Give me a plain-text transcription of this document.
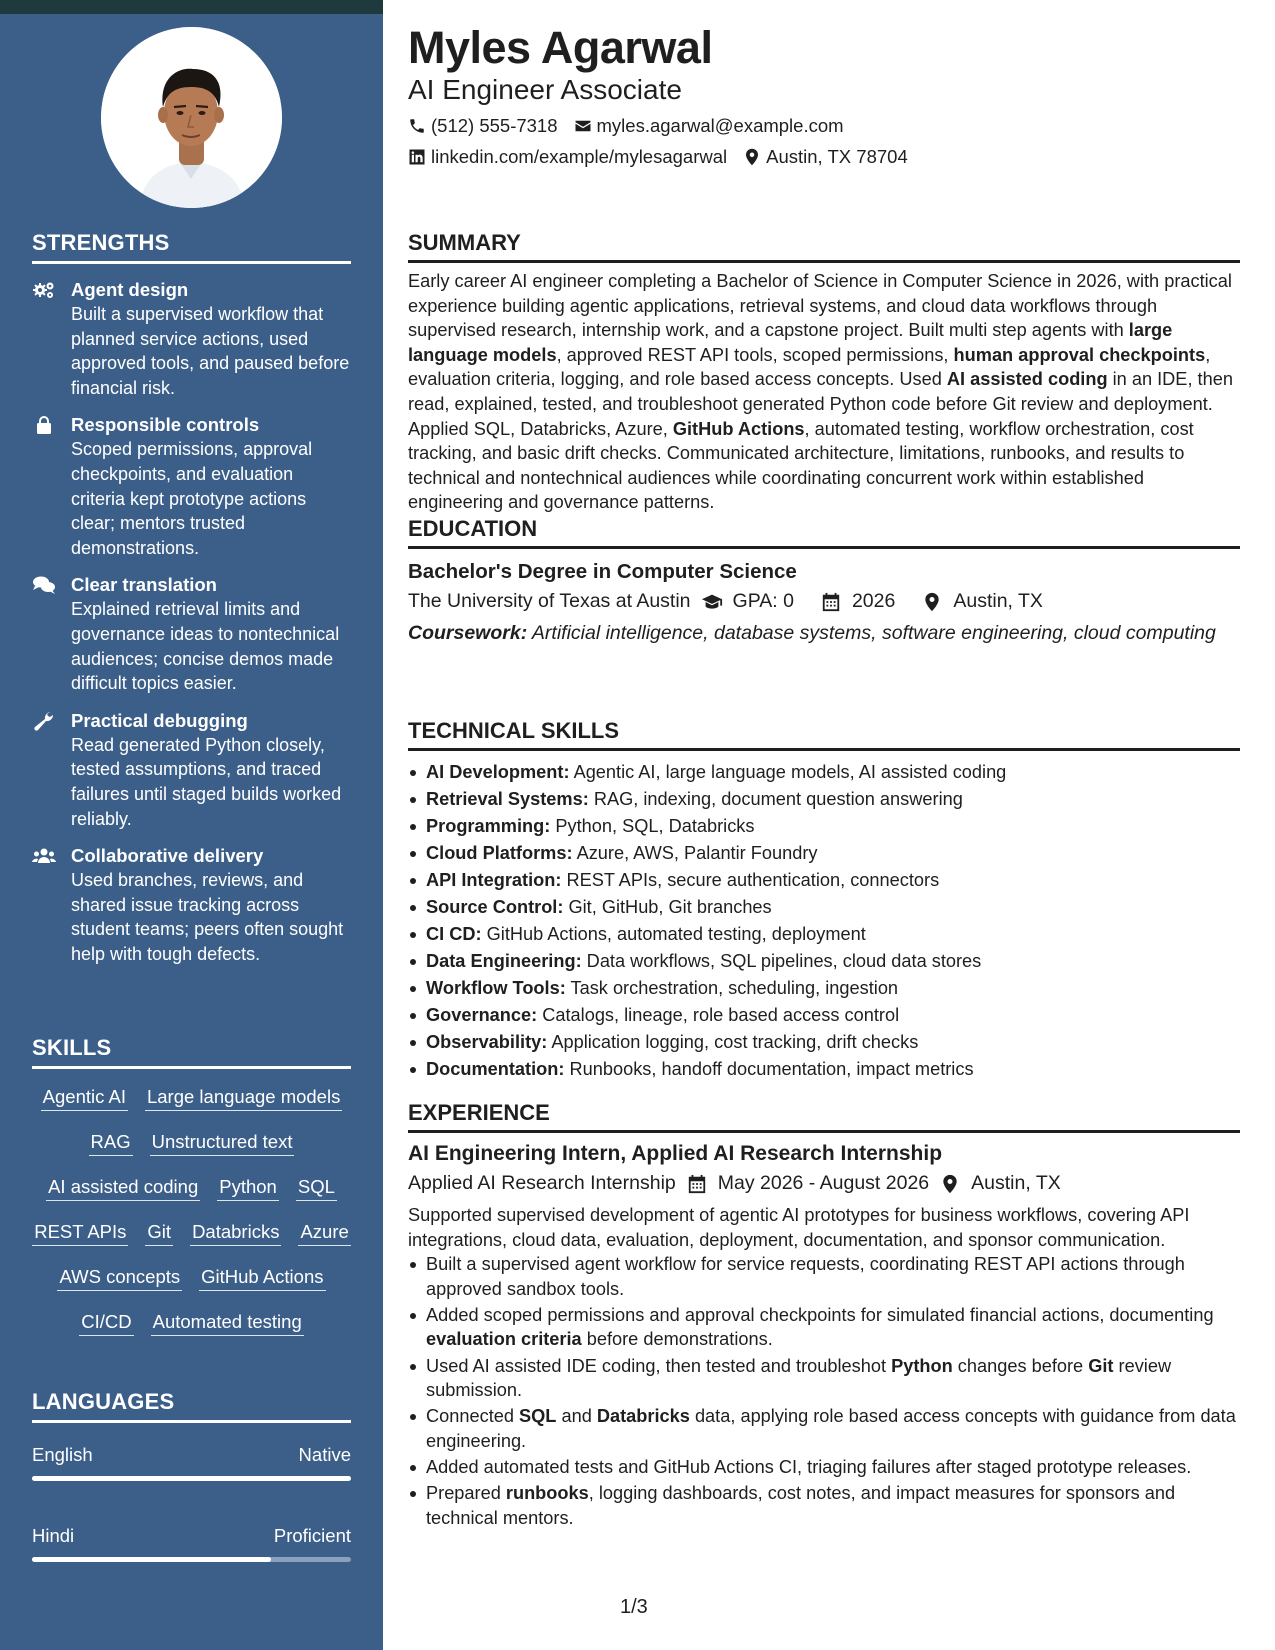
STRENGTHS
Agent design
Built a supervised workflow that planned service actions, used approved tools, and paused before financial risk.
Responsible controls
Scoped permissions, approval checkpoints, and evaluation criteria kept prototype actions clear; mentors trusted demonstrations.
Clear translation
Explained retrieval limits and governance ideas to nontechnical audiences; concise demos made difficult topics easier.
Practical debugging
Read generated Python closely, tested assumptions, and traced failures until staged builds worked reliably.
Collaborative delivery
Used branches, reviews, and shared issue tracking across student teams; peers often sought help with tough defects.
SKILLS
Agentic AI Large language models
RAG Unstructured text
AI assisted coding Python SQL
REST APIs Git Databricks Azure
AWS concepts GitHub Actions
CI/CD Automated testing
LANGUAGES
English	Native
Hindi	Proficient
Myles Agarwal
AI Engineer Associate
(512) 555-7318 myles.agarwal@example.com
linkedin.com/example/mylesagarwal Austin, TX 78704
SUMMARY
Early career AI engineer completing a Bachelor of Science in Computer Science in 2026, with practical experience building agentic applications, retrieval systems, and cloud data workflows through supervised research, internship work, and a capstone project. Built multi step agents with large language models, approved REST API tools, scoped permissions, human approval checkpoints, evaluation criteria, logging, and role based access concepts. Used AI assisted coding in an IDE, then read, explained, tested, and troubleshoot generated Python code before Git review and deployment. Applied SQL, Databricks, Azure, GitHub Actions, automated testing, workflow orchestration, cost tracking, and basic drift checks. Communicated architecture, limitations, runbooks, and results to technical and nontechnical audiences while coordinating concurrent work within established engineering and governance patterns.
EDUCATION
Bachelor's Degree in Computer Science
The University of Texas at Austin GPA: 0	2026	Austin, TX
Coursework: Artificial intelligence, database systems, software engineering, cloud computing
TECHNICAL SKILLS
AI Development: Agentic AI, large language models, AI assisted coding
Retrieval Systems: RAG, indexing, document question answering
Programming: Python, SQL, Databricks
Cloud Platforms: Azure, AWS, Palantir Foundry
API Integration: REST APIs, secure authentication, connectors
Source Control: Git, GitHub, Git branches
CI CD: GitHub Actions, automated testing, deployment
Data Engineering: Data workflows, SQL pipelines, cloud data stores
Workflow Tools: Task orchestration, scheduling, ingestion
Governance: Catalogs, lineage, role based access control
Observability: Application logging, cost tracking, drift checks
Documentation: Runbooks, handoff documentation, impact metrics
EXPERIENCE
AI Engineering Intern, Applied AI Research Internship
Applied AI Research Internship May 2026 - August 2026 Austin, TX
Supported supervised development of agentic AI prototypes for business workflows, covering API integrations, cloud data, evaluation, deployment, documentation, and sponsor communication.
Built a supervised agent workflow for service requests, coordinating REST API actions through approved sandbox tools.
Added scoped permissions and approval checkpoints for simulated financial actions, documenting evaluation criteria before demonstrations.
Used AI assisted IDE coding, then tested and troubleshot Python changes before Git review submission.
Connected SQL and Databricks data, applying role based access concepts with guidance from data engineering.
Added automated tests and GitHub Actions CI, triaging failures after staged prototype releases.
Prepared runbooks, logging dashboards, cost notes, and impact measures for sponsors and technical mentors.
1/3
